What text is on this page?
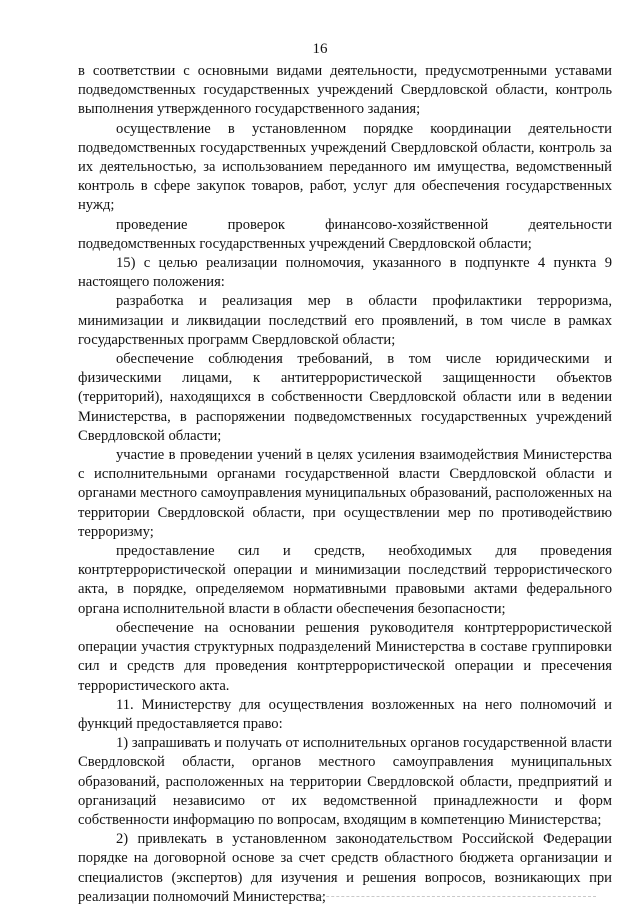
16

в соответствии с основными видами деятельности, предусмотренными уставами подведомственных государственных учреждений Свердловской области, контроль выполнения утвержденного государственного задания;

осуществление в установленном порядке координации деятельности подведомственных государственных учреждений Свердловской области, контроль за их деятельностью, за использованием переданного им имущества, ведомственный контроль в сфере закупок товаров, работ, услуг для обеспечения государственных нужд;

проведение проверок финансово-хозяйственной деятельности подведомственных государственных учреждений Свердловской области;

15) с целью реализации полномочия, указанного в подпункте 4 пункта 9 настоящего положения:

разработка и реализация мер в области профилактики терроризма, минимизации и ликвидации последствий его проявлений, в том числе в рамках государственных программ Свердловской области;

обеспечение соблюдения требований, в том числе юридическими и физическими лицами, к антитеррористической защищенности объектов (территорий), находящихся в собственности Свердловской области или в ведении Министерства, в распоряжении подведомственных государственных учреждений Свердловской области;

участие в проведении учений в целях усиления взаимодействия Министерства с исполнительными органами государственной власти Свердловской области и органами местного самоуправления муниципальных образований, расположенных на территории Свердловской области, при осуществлении мер по противодействию терроризму;

предоставление сил и средств, необходимых для проведения контртеррористической операции и минимизации последствий террористического акта, в порядке, определяемом нормативными правовыми актами федерального органа исполнительной власти в области обеспечения безопасности;

обеспечение на основании решения руководителя контртеррористической операции участия структурных подразделений Министерства в составе группировки сил и средств для проведения контртеррористической операции и пресечения террористического акта.

11. Министерству для осуществления возложенных на него полномочий и функций предоставляется право:

1) запрашивать и получать от исполнительных органов государственной власти Свердловской области, органов местного самоуправления муниципальных образований, расположенных на территории Свердловской области, предприятий и организаций независимо от их ведомственной принадлежности и форм собственности информацию по вопросам, входящим в компетенцию Министерства;

2) привлекать в установленном законодательством Российской Федерации порядке на договорной основе за счет средств областного бюджета организации и специалистов (экспертов) для изучения и решения вопросов, возникающих при реализации полномочий Министерства;
